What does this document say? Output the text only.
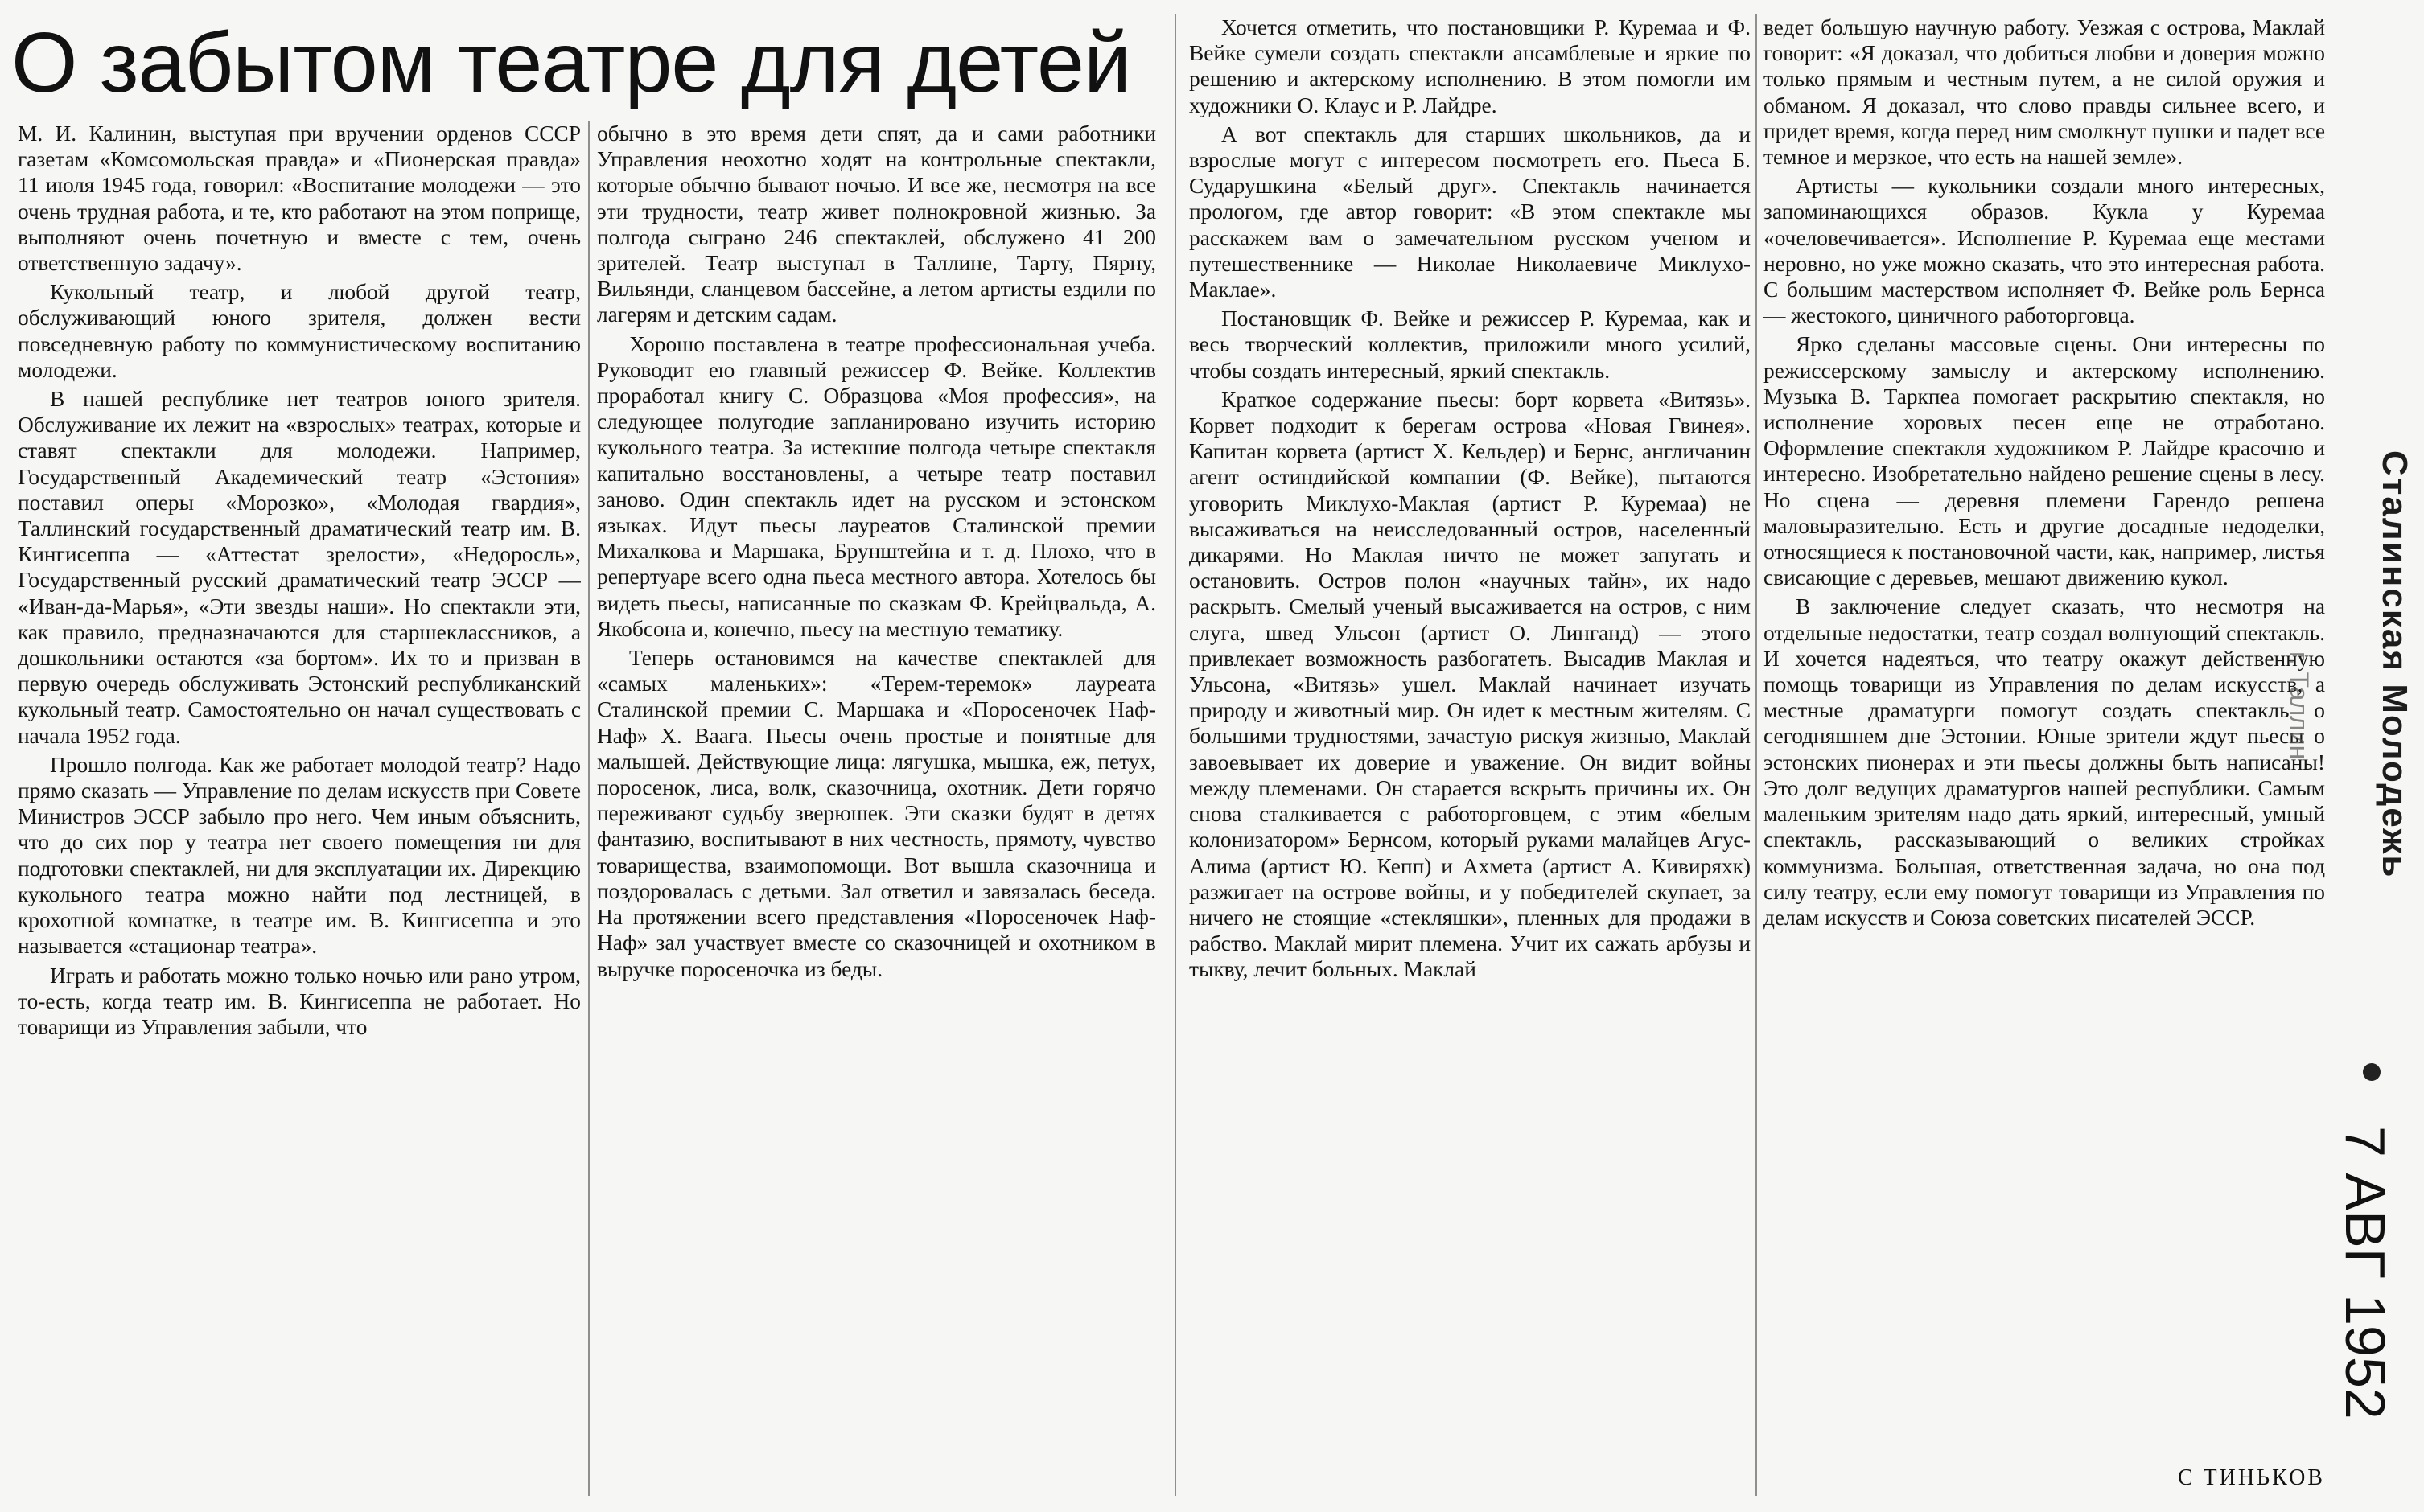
О забытом театре для детей

М. И. Калинин, выступая при вручении орденов СССР газетам «Комсомольская правда» и «Пионерская правда» 11 июля 1945 года, говорил: «Воспитание молодежи — это очень трудная работа, и те, кто работают на этом поприще, выполняют очень почетную и вместе с тем, очень ответственную задачу».

Кукольный театр, и любой другой театр, обслуживающий юного зрителя, должен вести повседневную работу по коммунистическому воспитанию молодежи.

В нашей республике нет театров юного зрителя. Обслуживание их лежит на «взрослых» театрах, которые и ставят спектакли для молодежи. Например, Государственный Академический театр «Эстония» поставил оперы «Морозко», «Молодая гвардия», Таллинский государственный драматический театр им. В. Кингисеппа — «Аттестат зрелости», «Недоросль», Государственный русский драматический театр ЭССР — «Иван-да-Марья», «Эти звезды наши». Но спектакли эти, как правило, предназначаются для старшеклассников, а дошкольники остаются «за бортом». Их то и призван в первую очередь обслуживать Эстонский республиканский кукольный театр. Самостоятельно он начал существовать с начала 1952 года.

Прошло полгода. Как же работает молодой театр? Надо прямо сказать — Управление по делам искусств при Совете Министров ЭССР забыло про него. Чем иным объяснить, что до сих пор у театра нет своего помещения ни для подготовки спектаклей, ни для эксплуатации их. Дирекцию кукольного театра можно найти под лестницей, в крохотной комнатке, в театре им. В. Кингисеппа и это называется «стационар театра».

Играть и работать можно только ночью или рано утром, то-есть, когда театр им. В. Кингисеппа не работает. Но товарищи из Управления забыли, что

обычно в это время дети спят, да и сами работники Управления неохотно ходят на контрольные спектакли, которые обычно бывают ночью. И все же, несмотря на все эти трудности, театр живет полнокровной жизнью. За полгода сыграно 246 спектаклей, обслужено 41 200 зрителей. Театр выступал в Таллине, Тарту, Пярну, Вильянди, сланцевом бассейне, а летом артисты ездили по лагерям и детским садам.

Хорошо поставлена в театре профессиональная учеба. Руководит ею главный режиссер Ф. Вейке. Коллектив проработал книгу С. Образцова «Моя профессия», на следующее полугодие запланировано изучить историю кукольного театра. За истекшие полгода четыре спектакля капитально восстановлены, а четыре театр поставил заново. Один спектакль идет на русском и эстонском языках. Идут пьесы лауреатов Сталинской премии Михалкова и Маршака, Брунштейна и т. д. Плохо, что в репертуаре всего одна пьеса местного автора. Хотелось бы видеть пьесы, написанные по сказкам Ф. Крейцвальда, А. Якобсона и, конечно, пьесу на местную тематику.

Теперь остановимся на качестве спектаклей для «самых маленьких»: «Терем-теремок» лауреата Сталинской премии С. Маршака и «Поросеночек Наф-Наф» Х. Ваага. Пьесы очень простые и понятные для малышей. Действующие лица: лягушка, мышка, еж, петух, поросенок, лиса, волк, сказочница, охотник. Дети горячо переживают судьбу зверюшек. Эти сказки будят в детях фантазию, воспитывают в них честность, прямоту, чувство товарищества, взаимопомощи. Вот вышла сказочница и поздоровалась с детьми. Зал ответил и завязалась беседа. На протяжении всего представления «Поросеночек Наф-Наф» зал участвует вместе со сказочницей и охотником в выручке поросеночка из беды.

Хочется отметить, что постановщики Р. Куремаа и Ф. Вейке сумели создать спектакли ансамблевые и яркие по решению и актерскому исполнению. В этом помогли им художники О. Клаус и Р. Лайдре.

А вот спектакль для старших школьников, да и взрослые могут с интересом посмотреть его. Пьеса Б. Сударушкина «Белый друг». Спектакль начинается прологом, где автор говорит: «В этом спектакле мы расскажем вам о замечательном русском ученом и путешественнике — Николае Николаевиче Миклухо-Маклае».

Постановщик Ф. Вейке и режиссер Р. Куремаа, как и весь творческий коллектив, приложили много усилий, чтобы создать интересный, яркий спектакль.

Краткое содержание пьесы: борт корвета «Витязь». Корвет подходит к берегам острова «Новая Гвинея». Капитан корвета (артист Х. Кельдер) и Бернс, англичанин агент остиндийской компании (Ф. Вейке), пытаются уговорить Миклухо-Маклая (артист Р. Куремаа) не высаживаться на неисследованный остров, населенный дикарями. Но Маклая ничто не может запугать и остановить. Остров полон «научных тайн», их надо раскрыть. Смелый ученый высаживается на остров, с ним слуга, швед Ульсон (артист О. Лингaнд) — этого привлекает возможность разбогатеть. Высадив Маклая и Ульсона, «Витязь» ушел. Маклай начинает изучать природу и животный мир. Он идет к местным жителям. С большими трудностями, зачастую рискуя жизнью, Маклай завоевывает их доверие и уважение. Он видит войны между племенами. Он старается вскрыть причины их. Он снова сталкивается с работорговцем, с этим «белым колонизатором» Бернсом, который руками малайцев Агус-Алима (артист Ю. Кепп) и Ахмета (артист А. Кивиряхк) разжигает на острове войны, и у победителей скупает, за ничего не стоящие «стекляшки», пленных для продажи в рабство. Маклай мирит племена. Учит их сажать арбузы и тыкву, лечит больных. Маклай

ведет большую научную работу. Уезжая с острова, Маклай говорит: «Я доказал, что добиться любви и доверия можно только прямым и честным путем, а не силой оружия и обманом. Я доказал, что слово правды сильнее всего, и придет время, когда перед ним смолкнут пушки и падет все темное и мерзкое, что есть на нашей земле».

Артисты — кукольники создали много интересных, запоминающихся образов. Кукла у Куремаа «очеловечивается». Исполнение Р. Куремаа еще местами неровно, но уже можно сказать, что это интересная работа. С большим мастерством исполняет Ф. Вейке роль Бернса — жестокого, циничного работорговца.

Ярко сделаны массовые сцены. Они интересны по режиссерскому замыслу и актерскому исполнению. Музыка В. Таркпеа помогает раскрытию спектакля, но исполнение хоровых песен еще не отработано. Оформление спектакля художником Р. Лайдре красочно и интересно. Изобретательно найдено решение сцены в лесу. Но сцена — деревня племени Гарендо решена маловыразительно. Есть и другие досадные недоделки, относящиеся к постановочной части, как, например, листья свисающие с деревьев, мешают движению кукол.

В заключение следует сказать, что несмотря на отдельные недостатки, театр создал волнующий спектакль. И хочется надеяться, что театру окажут действенную помощь товарищи из Управления по делам искусств, а местные драматурги помогут создать спектакль о сегодняшнем дне Эстонии. Юные зрители ждут пьесы о эстонских пионерах и эти пьесы должны быть написаны! Это долг ведущих драматургов нашей республики. Самым маленьким зрителям надо дать яркий, интересный, умный спектакль, рассказывающий о великих стройках коммунизма. Большая, ответственная задача, но она под силу театру, если ему помогут товарищи из Управления по делам искусств и Союза советских писателей ЭССР.

С ТИНЬКОВ
Сталинская Молодежь
г. Таллин
7 АВГ 1952
